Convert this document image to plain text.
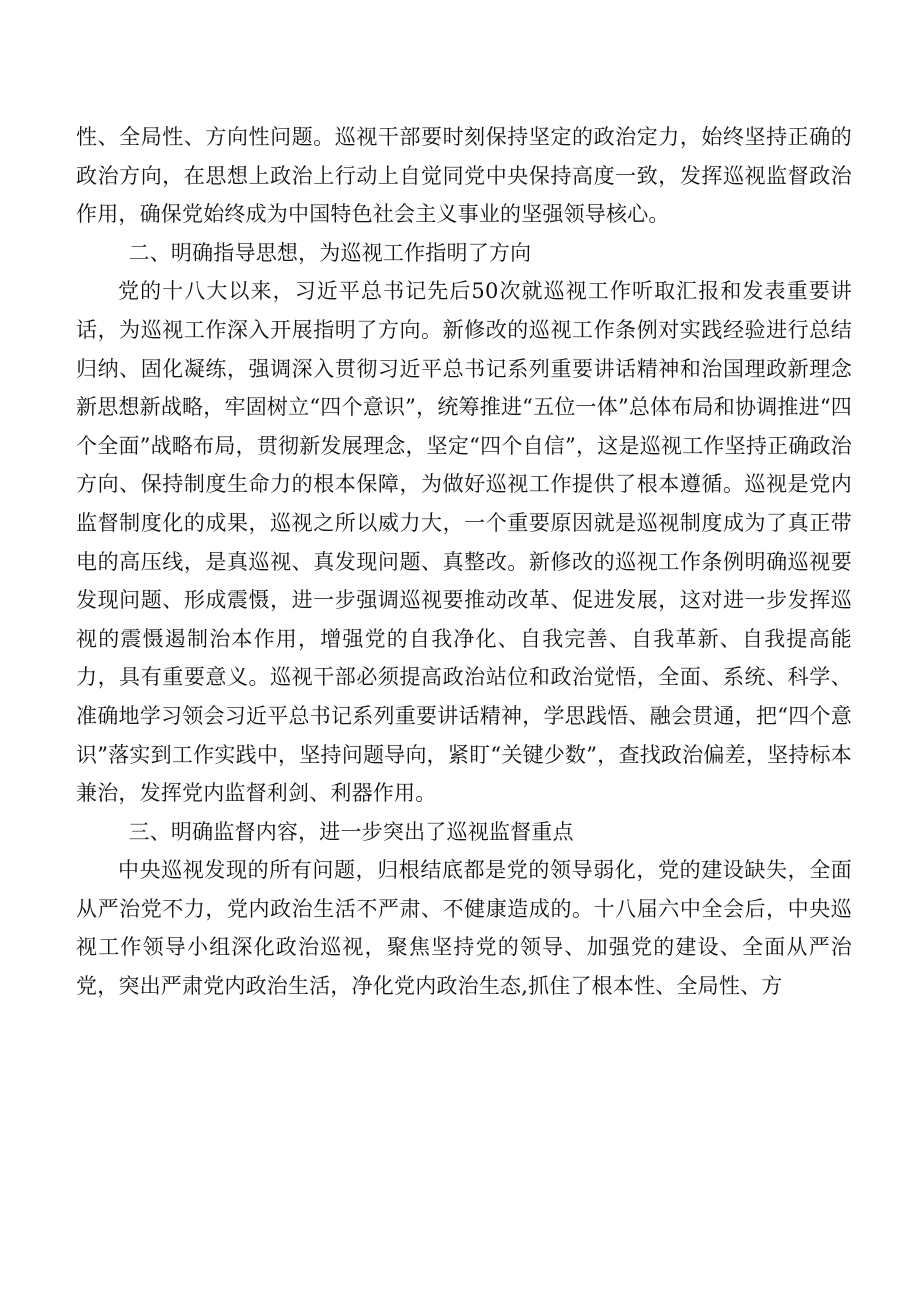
性、全局性、方向性问题。巡视干部要时刻保持坚定的政治定力，始终坚持正确的政治方向，在思想上政治上行动上自觉同党中央保持高度一致，发挥巡视监督政治作用，确保党始终成为中国特色社会主义事业的坚强领导核心。

二、明确指导思想，为巡视工作指明了方向

党的十八大以来，习近平总书记先后50次就巡视工作听取汇报和发表重要讲话，为巡视工作深入开展指明了方向。新修改的巡视工作条例对实践经验进行总结归纳、固化凝练，强调深入贯彻习近平总书记系列重要讲话精神和治国理政新理念新思想新战略，牢固树立“四个意识”，统筹推进“五位一体”总体布局和协调推进“四个全面”战略布局，贯彻新发展理念，坚定“四个自信”，这是巡视工作坚持正确政治方向、保持制度生命力的根本保障，为做好巡视工作提供了根本遵循。巡视是党内监督制度化的成果，巡视之所以威力大，一个重要原因就是巡视制度成为了真正带电的高压线，是真巡视、真发现问题、真整改。新修改的巡视工作条例明确巡视要发现问题、形成震慑，进一步强调巡视要推动改革、促进发展，这对进一步发挥巡视的震慑遏制治本作用，增强党的自我净化、自我完善、自我革新、自我提高能力，具有重要意义。巡视干部必须提高政治站位和政治觉悟，全面、系统、科学、准确地学习领会习近平总书记系列重要讲话精神，学思践悟、融会贯通，把“四个意识”落实到工作实践中，坚持问题导向，紧盯“关键少数”，查找政治偏差，坚持标本兼治，发挥党内监督利剑、利器作用。

三、明确监督内容，进一步突出了巡视监督重点

中央巡视发现的所有问题，归根结底都是党的领导弱化，党的建设缺失，全面从严治党不力，党内政治生活不严肃、不健康造成的。十八届六中全会后，中央巡视工作领导小组深化政治巡视，聚焦坚持党的领导、加强党的建设、全面从严治党，突出严肃党内政治生活，净化党内政治生态,抓住了根本性、全局性、方
